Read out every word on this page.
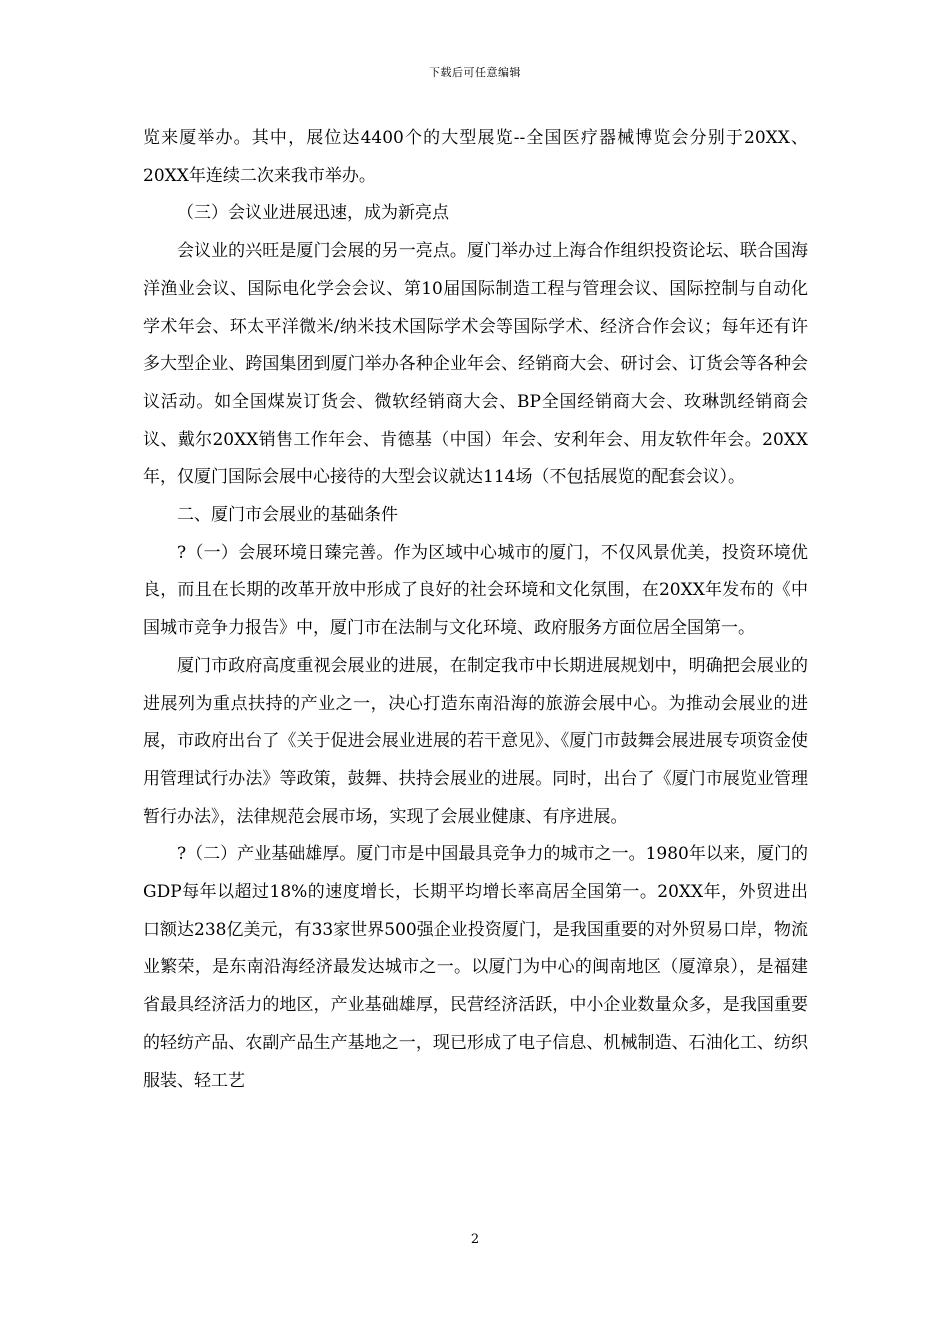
下载后可任意编辑

览来厦举办。其中，展位达4400个的大型展览--全国医疗器械博览会分别于20XX、20XX年连续二次来我市举办。

（三）会议业进展迅速，成为新亮点

会议业的兴旺是厦门会展的另一亮点。厦门举办过上海合作组织投资论坛、联合国海洋渔业会议、国际电化学会会议、第10届国际制造工程与管理会议、国际控制与自动化学术年会、环太平洋微米/纳米技术国际学术会等国际学术、经济合作会议；每年还有许多大型企业、跨国集团到厦门举办各种企业年会、经销商大会、研讨会、订货会等各种会议活动。如全国煤炭订货会、微软经销商大会、BP全国经销商大会、玫琳凯经销商会议、戴尔20XX销售工作年会、肯德基（中国）年会、安利年会、用友软件年会。20XX年，仅厦门国际会展中心接待的大型会议就达114场（不包括展览的配套会议）。

二、厦门市会展业的基础条件

?（一）会展环境日臻完善。作为区域中心城市的厦门，不仅风景优美，投资环境优良，而且在长期的改革开放中形成了良好的社会环境和文化氛围，在20XX年发布的《中国城市竞争力报告》中，厦门市在法制与文化环境、政府服务方面位居全国第一。

厦门市政府高度重视会展业的进展，在制定我市中长期进展规划中，明确把会展业的进展列为重点扶持的产业之一，决心打造东南沿海的旅游会展中心。为推动会展业的进展，市政府出台了《关于促进会展业进展的若干意见》、《厦门市鼓舞会展进展专项资金使用管理试行办法》等政策，鼓舞、扶持会展业的进展。同时，出台了《厦门市展览业管理暂行办法》，法律规范会展市场，实现了会展业健康、有序进展。

?（二）产业基础雄厚。厦门市是中国最具竞争力的城市之一。1980年以来，厦门的GDP每年以超过18%的速度增长，长期平均增长率高居全国第一。20XX年，外贸进出口额达238亿美元，有33家世界500强企业投资厦门，是我国重要的对外贸易口岸，物流业繁荣，是东南沿海经济最发达城市之一。以厦门为中心的闽南地区（厦漳泉），是福建省最具经济活力的地区，产业基础雄厚，民营经济活跃，中小企业数量众多，是我国重要的轻纺产品、农副产品生产基地之一，现已形成了电子信息、机械制造、石油化工、纺织服装、轻工艺

2
